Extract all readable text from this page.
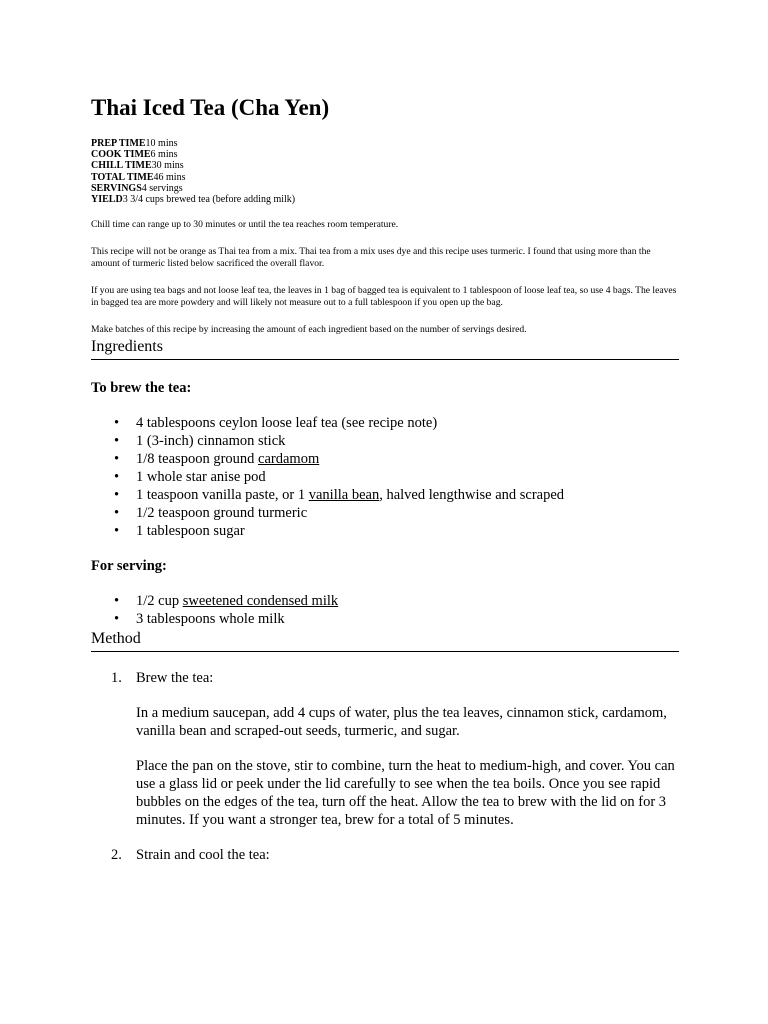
Thai Iced Tea (Cha Yen)
PREP TIME10 mins
COOK TIME6 mins
CHILL TIME30 mins
TOTAL TIME46 mins
SERVINGS4 servings
YIELD3 3/4 cups brewed tea (before adding milk)

Chill time can range up to 30 minutes or until the tea reaches room temperature.

This recipe will not be orange as Thai tea from a mix. Thai tea from a mix uses dye and this recipe uses turmeric. I found that using more than the amount of turmeric listed below sacrificed the overall flavor.

If you are using tea bags and not loose leaf tea, the leaves in 1 bag of bagged tea is equivalent to 1 tablespoon of loose leaf tea, so use 4 bags. The leaves in bagged tea are more powdery and will likely not measure out to a full tablespoon if you open up the bag.

Make batches of this recipe by increasing the amount of each ingredient based on the number of servings desired.

Ingredients
To brew the tea:
• 4 tablespoons ceylon loose leaf tea (see recipe note)
• 1 (3-inch) cinnamon stick
• 1/8 teaspoon ground cardamom
• 1 whole star anise pod
• 1 teaspoon vanilla paste, or 1 vanilla bean, halved lengthwise and scraped
• 1/2 teaspoon ground turmeric
• 1 tablespoon sugar
For serving:
• 1/2 cup sweetened condensed milk
• 3 tablespoons whole milk
Method
1. Brew the tea:

In a medium saucepan, add 4 cups of water, plus the tea leaves, cinnamon stick, cardamom, vanilla bean and scraped-out seeds, turmeric, and sugar.

Place the pan on the stove, stir to combine, turn the heat to medium-high, and cover. You can use a glass lid or peek under the lid carefully to see when the tea boils. Once you see rapid bubbles on the edges of the tea, turn off the heat. Allow the tea to brew with the lid on for 3 minutes. If you want a stronger tea, brew for a total of 5 minutes.

2. Strain and cool the tea:
